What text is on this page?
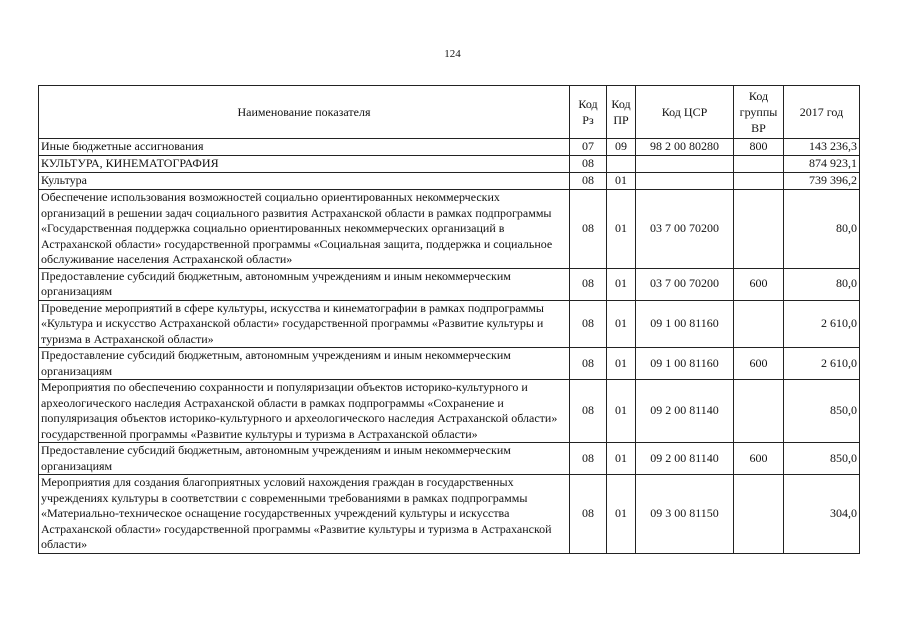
124
Наименование показателя	Код Рз	Код ПР	Код ЦСР	Код группы ВР	2017 год
Иные бюджетные ассигнования	07	09	98 2 00 80280	800	143 236,3
КУЛЬТУРА, КИНЕМАТОГРАФИЯ	08				874 923,1
Культура	08	01			739 396,2
Обеспечение использования возможностей социально ориентированных некоммерческих организаций в решении задач социального развития Астраханской области в рамках подпрограммы «Государственная поддержка социально ориентированных некоммерческих организаций в Астраханской области» государственной программы «Социальная защита, поддержка и социальное обслуживание населения Астраханской области»	08	01	03 7 00 70200		80,0
Предоставление субсидий бюджетным, автономным учреждениям и иным некоммерческим организациям	08	01	03 7 00 70200	600	80,0
Проведение мероприятий в сфере культуры, искусства и кинематографии в рамках подпрограммы «Культура и искусство Астраханской области» государственной программы «Развитие культуры и туризма в Астраханской области»	08	01	09 1 00 81160		2 610,0
Предоставление субсидий бюджетным, автономным учреждениям и иным некоммерческим организациям	08	01	09 1 00 81160	600	2 610,0
Мероприятия по обеспечению сохранности и популяризации объектов историко-культурного и археологического наследия Астраханской области в рамках подпрограммы «Сохранение и популяризация объектов историко-культурного и археологического наследия Астраханской области» государственной программы «Развитие культуры и туризма в Астраханской области»	08	01	09 2 00 81140		850,0
Предоставление субсидий бюджетным, автономным учреждениям и иным некоммерческим организациям	08	01	09 2 00 81140	600	850,0
Мероприятия для создания благоприятных условий нахождения граждан в государственных учреждениях культуры в соответствии с современными требованиями в рамках подпрограммы «Материально-техническое оснащение государственных учреждений культуры и искусства Астраханской области» государственной программы «Развитие культуры и туризма в Астраханской области»	08	01	09 3 00 81150		304,0
